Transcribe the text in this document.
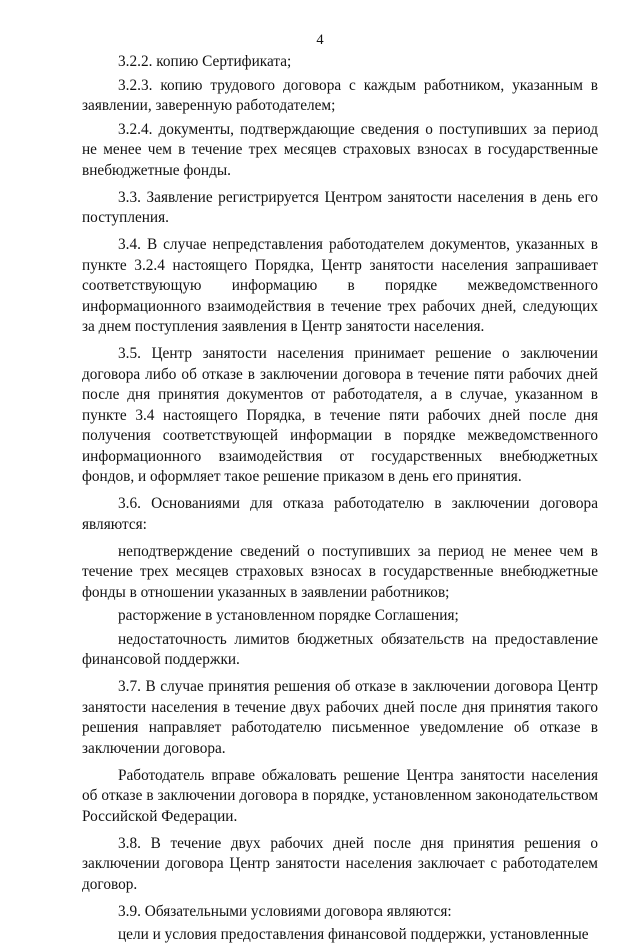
4

3.2.2. копию Сертификата;

3.2.3. копию трудового договора с каждым работником, указанным в заявлении, заверенную работодателем;

3.2.4. документы, подтверждающие сведения о поступивших за период не менее чем в течение трех месяцев страховых взносах в государственные внебюджетные фонды.

3.3. Заявление регистрируется Центром занятости населения в день его поступления.

3.4. В случае непредставления работодателем документов, указанных в пункте 3.2.4 настоящего Порядка, Центр занятости населения запрашивает соответствующую информацию в порядке межведомственного информационного взаимодействия в течение трех рабочих дней, следующих за днем поступления заявления в Центр занятости населения.

3.5. Центр занятости населения принимает решение о заключении договора либо об отказе в заключении договора в течение пяти рабочих дней после дня принятия документов от работодателя, а в случае, указанном в пункте 3.4 настоящего Порядка, в течение пяти рабочих дней после дня получения соответствующей информации в порядке межведомственного информационного взаимодействия от государственных внебюджетных фондов, и оформляет такое решение приказом в день его принятия.

3.6. Основаниями для отказа работодателю в заключении договора являются:

неподтверждение сведений о поступивших за период не менее чем в течение трех месяцев страховых взносах в государственные внебюджетные фонды в отношении указанных в заявлении работников;

расторжение в установленном порядке Соглашения;

недостаточность лимитов бюджетных обязательств на предоставление финансовой поддержки.

3.7. В случае принятия решения об отказе в заключении договора Центр занятости населения в течение двух рабочих дней после дня принятия такого решения направляет работодателю письменное уведомление об отказе в заключении договора.

Работодатель вправе обжаловать решение Центра занятости населения об отказе в заключении договора в порядке, установленном законодательством Российской Федерации.

3.8. В течение двух рабочих дней после дня принятия решения о заключении договора Центр занятости населения заключает с работодателем договор.

3.9. Обязательными условиями договора являются:

цели и условия предоставления финансовой поддержки, установленные
